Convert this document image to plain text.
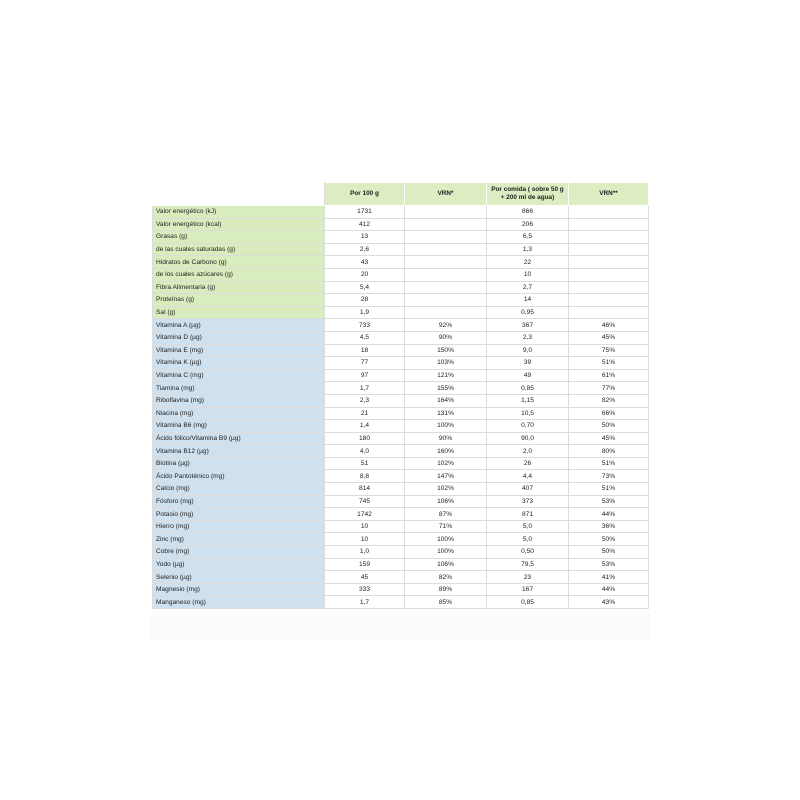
	Por 100 g	VRN*	Por comida ( sobre 50 g + 200 ml de agua)	VRN**
Valor energético (kJ)	1731		866	
Valor energético (kcal)	412		206	
Grasas (g)	13		6,5	
de las cuales saturadas (g)	2,6		1,3	
Hidratos de Carbono (g)	43		22	
de los cuales azúcares (g)	20		10	
Fibra Alimentaria (g)	5,4		2,7	
Proteínas (g)	28		14	
Sal (g)	1,9		0,95	
Vitamina A (µg)	733	92%	367	46%
Vitamina D (µg)	4,5	90%	2,3	45%
Vitamina E (mg)	18	150%	9,0	75%
Vitamina K (µg)	77	103%	39	51%
Vitamina C (mg)	97	121%	49	61%
Tiamina (mg)	1,7	155%	0,85	77%
Riboflavina (mg)	2,3	164%	1,15	82%
Niacina (mg)	21	131%	10,5	66%
Vitamina B6 (mg)	1,4	100%	0,70	50%
Ácido fólico/Vitamina B9 (µg)	180	90%	90,0	45%
Vitamina B12 (µg)	4,0	160%	2,0	80%
Biotina (µg)	51	102%	26	51%
Ácido Pantoténico (mg)	8,8	147%	4,4	73%
Calcio (mg)	814	102%	407	51%
Fósforo (mg)	745	106%	373	53%
Potasio (mg)	1742	87%	871	44%
Hierro (mg)	10	71%	5,0	36%
Zinc (mg)	10	100%	5,0	50%
Cobre (mg)	1,0	100%	0,50	50%
Yodo (µg)	159	106%	79,5	53%
Selenio (µg)	45	82%	23	41%
Magnesio (mg)	333	89%	167	44%
Manganeso (mg)	1,7	85%	0,85	43%
